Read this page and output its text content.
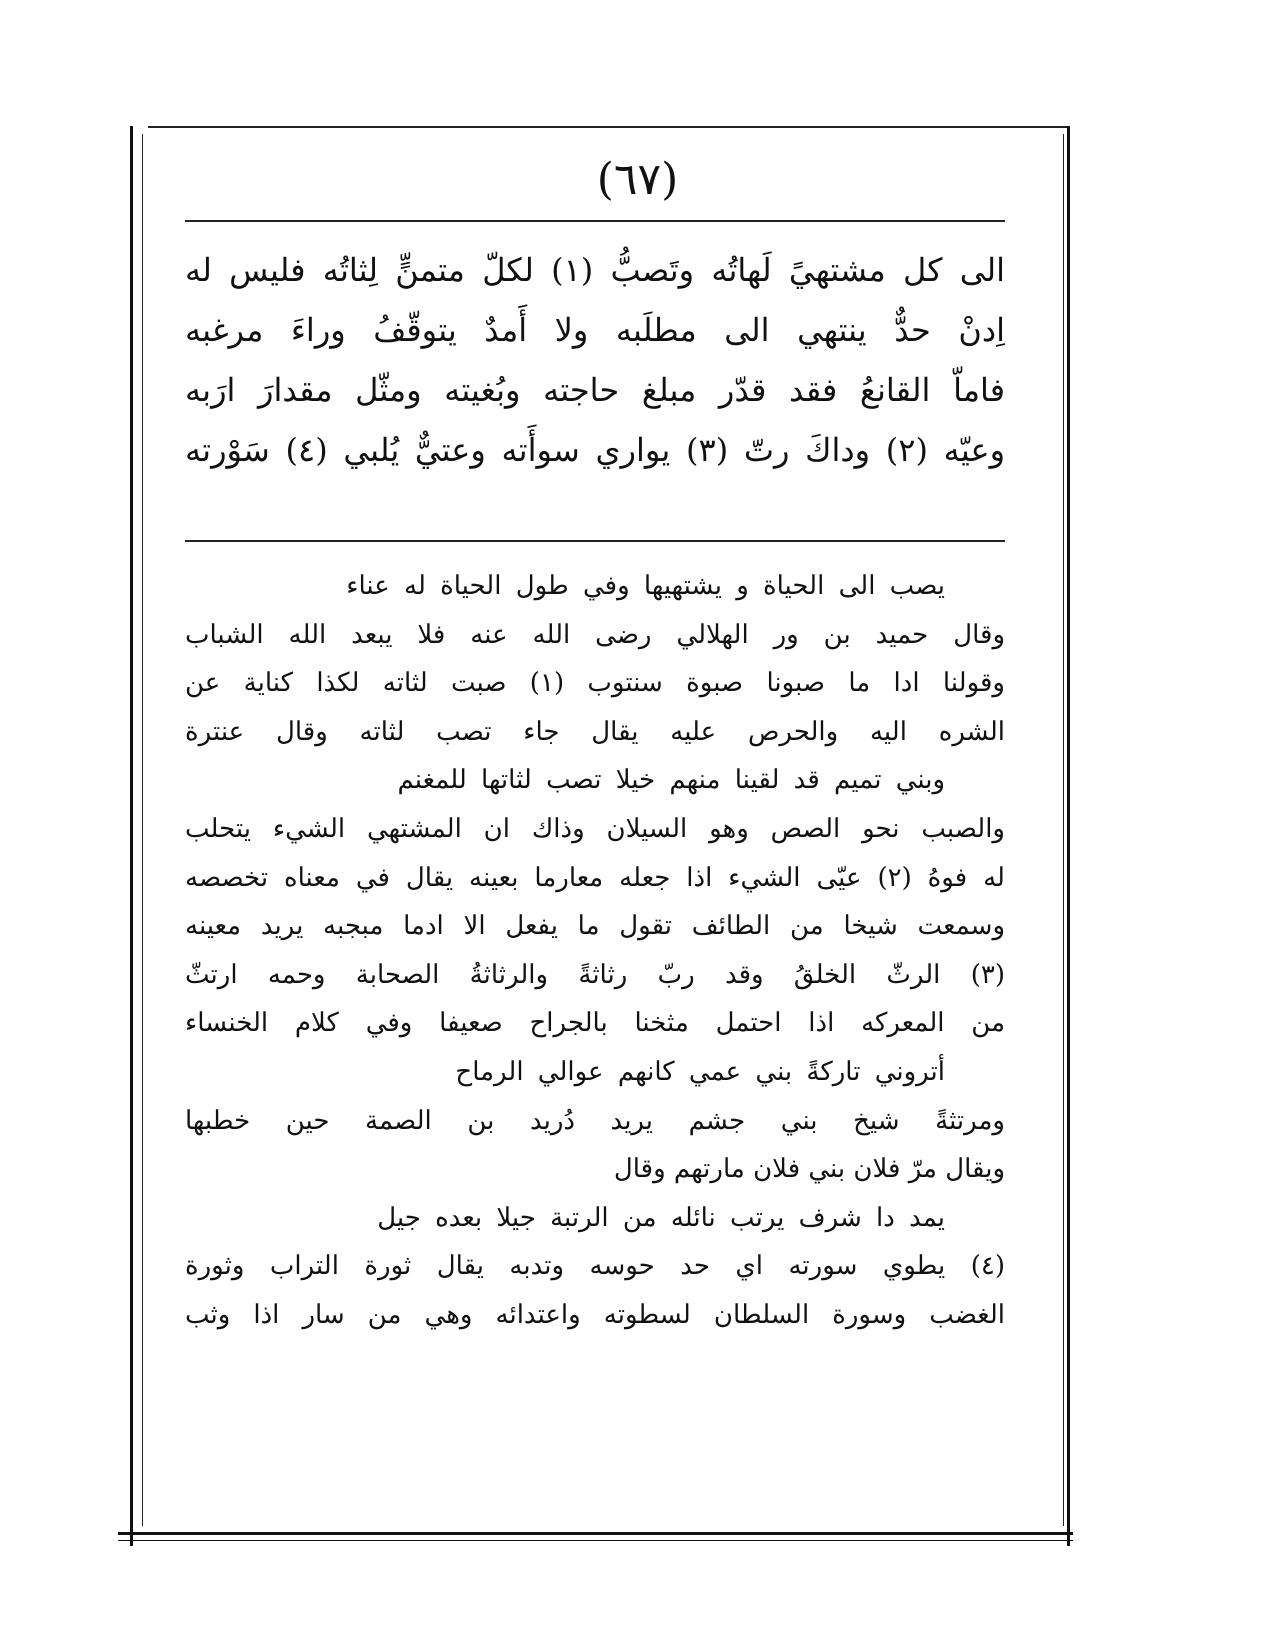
(٦٧)
الى كل مشتهيً لَهاتُه وتَصبُّ (١) لكلّ متمنٍّ لِثاتُه فليس له
اِدنْ حدٌّ ينتهي الى مطلَبه ولا أَمدٌ يتوقّفُ وراءَ مرغبه
فاماّ القانعُ فقد قدّر مبلغ حاجته وبُغيته ومثّل مقدارَ ارَبه
وعيّه (٢) وداكَ رتّ (٣) يواري سوأَته وعتيٌّ يُلبي (٤) سَوْرته
يصب الى الحياة و يشتهيها وفي طول الحياة له عناء
وقال حميد بن ور الهلالي رضى الله عنه فلا يبعد الله الشباب
وقولنا ادا ما صبونا صبوة سنتوب (١) صبت لثاته لكذا كناية عن
الشره اليه والحرص عليه يقال جاء تصب لثاته وقال عنترة
وبني تميم قد لقينا منهم خيلا تصب لثاتها للمغنم
والصبب نحو الصص وهو السيلان وذاك ان المشتهي الشيء يتحلب
له فوهُ (٢) عيّى الشيء اذا جعله معارما بعينه يقال في معناه تخصصه
وسمعت شيخا من الطائف تقول ما يفعل الا ادما مبجبه يريد معينه
(٣) الرثّ الخلقُ وقد ربّ رثاثةً والرثاثةُ الصحابة وحمه ارتثّ
من المعركه اذا احتمل مثخنا بالجراح صعيفا وفي كلام الخنساء
أتروني تاركةً بني عمي كانهم عوالي الرماح
ومرتثةً شيخ بني جشم يريد دُريد بن الصمة حين خطبها
ويقال مرّ فلان بني فلان مارتهم وقال
يمد دا شرف يرتب نائله من الرتبة جيلا بعده جيل
(٤) يطوي سورته اي حد حوسه وتدبه يقال ثورة التراب وثورة
الغضب وسورة السلطان لسطوته واعتدائه وهي من سار اذا وثب
